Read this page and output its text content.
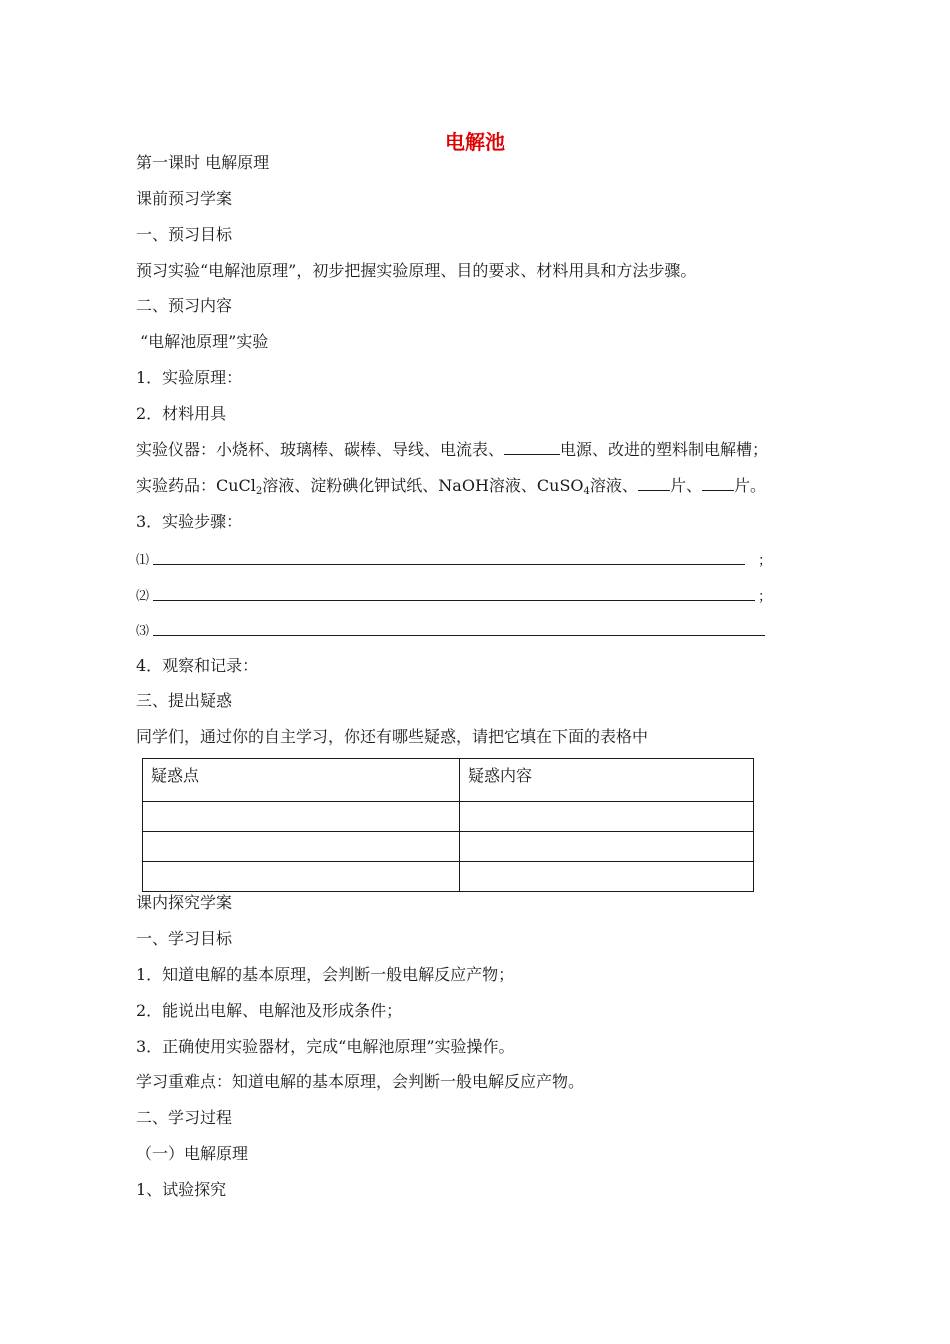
电解池
第一课时 电解原理
课前预习学案
一、预习目标
预习实验“电解池原理”，初步把握实验原理、目的要求、材料用具和方法步骤。
二、预习内容
“电解池原理”实验
1．实验原理：
2．材料用具
实验仪器：小烧杯、玻璃棒、碳棒、导线、电流表、	电源、改进的塑料制电解槽；
实验药品：CuCl2溶液、淀粉碘化钾试纸、NaOH溶液、CuSO4溶液、 片、 片。
3．实验步骤：
⑴	；
⑵	；
⑶
4．观察和记录：
三、提出疑惑
同学们，通过你的自主学习，你还有哪些疑惑，请把它填在下面的表格中
疑惑点	疑惑内容

课内探究学案
一、学习目标
1．知道电解的基本原理，会判断一般电解反应产物；
2．能说出电解、电解池及形成条件；
3．正确使用实验器材，完成“电解池原理”实验操作。
学习重难点：知道电解的基本原理，会判断一般电解反应产物。
二、学习过程
（一）电解原理
1、试验探究
